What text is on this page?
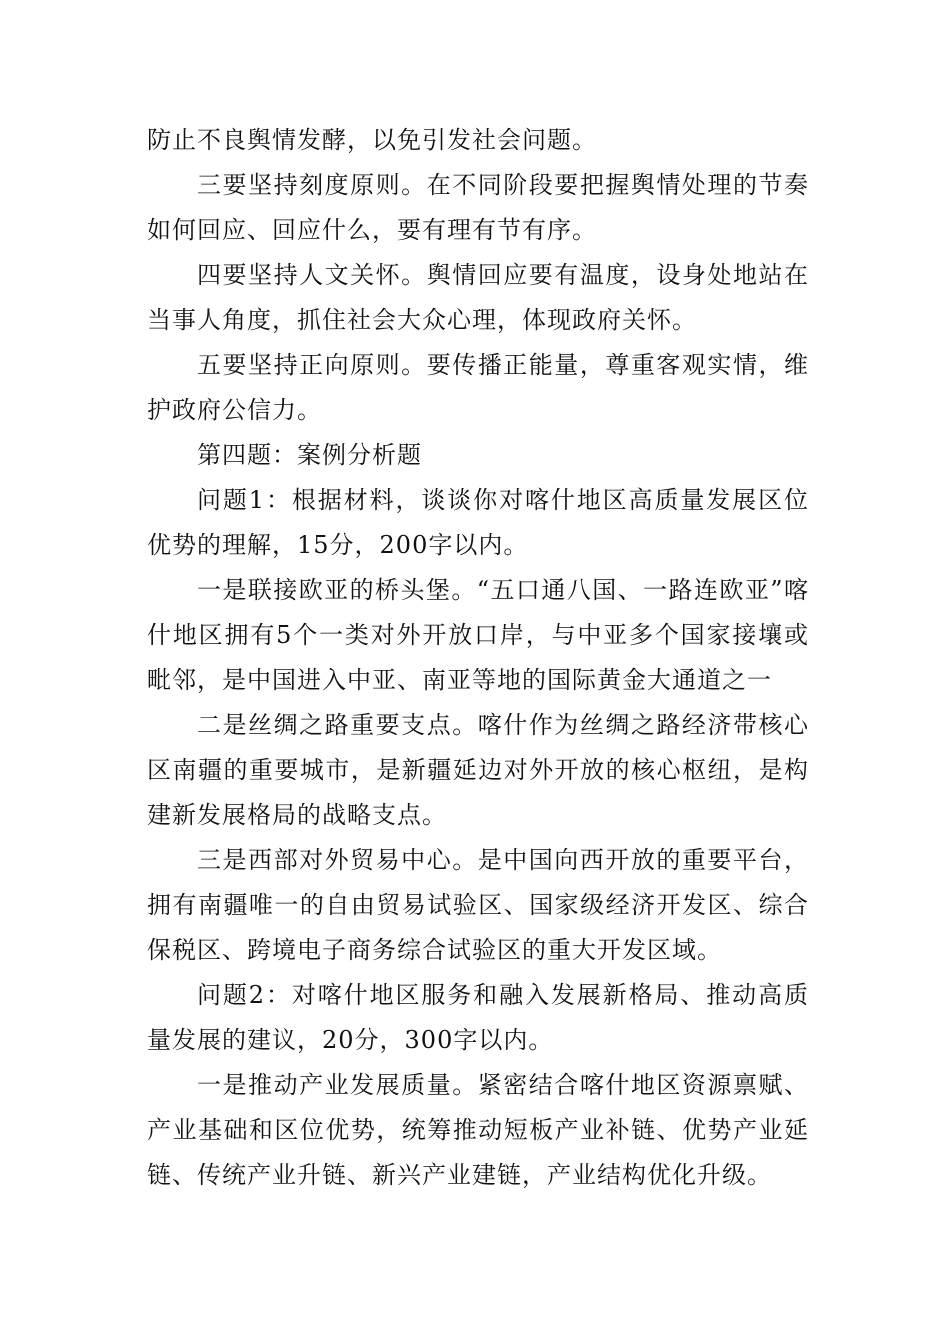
防止不良舆情发酵，以免引发社会问题。

三要坚持刻度原则。在不同阶段要把握舆情处理的节奏如何回应、回应什么，要有理有节有序。

四要坚持人文关怀。舆情回应要有温度，设身处地站在当事人角度，抓住社会大众心理，体现政府关怀。

五要坚持正向原则。要传播正能量，尊重客观实情，维护政府公信力。

第四题：案例分析题

问题1：根据材料，谈谈你对喀什地区高质量发展区位优势的理解，15分，200字以内。

一是联接欧亚的桥头堡。“五口通八国、一路连欧亚”喀什地区拥有5个一类对外开放口岸，与中亚多个国家接壤或毗邻，是中国进入中亚、南亚等地的国际黄金大通道之一

二是丝绸之路重要支点。喀什作为丝绸之路经济带核心区南疆的重要城市，是新疆延边对外开放的核心枢纽，是构建新发展格局的战略支点。

三是西部对外贸易中心。是中国向西开放的重要平台，拥有南疆唯一的自由贸易试验区、国家级经济开发区、综合保税区、跨境电子商务综合试验区的重大开发区域。

问题2：对喀什地区服务和融入发展新格局、推动高质量发展的建议，20分，300字以内。

一是推动产业发展质量。紧密结合喀什地区资源禀赋、产业基础和区位优势，统筹推动短板产业补链、优势产业延链、传统产业升链、新兴产业建链，产业结构优化升级。
